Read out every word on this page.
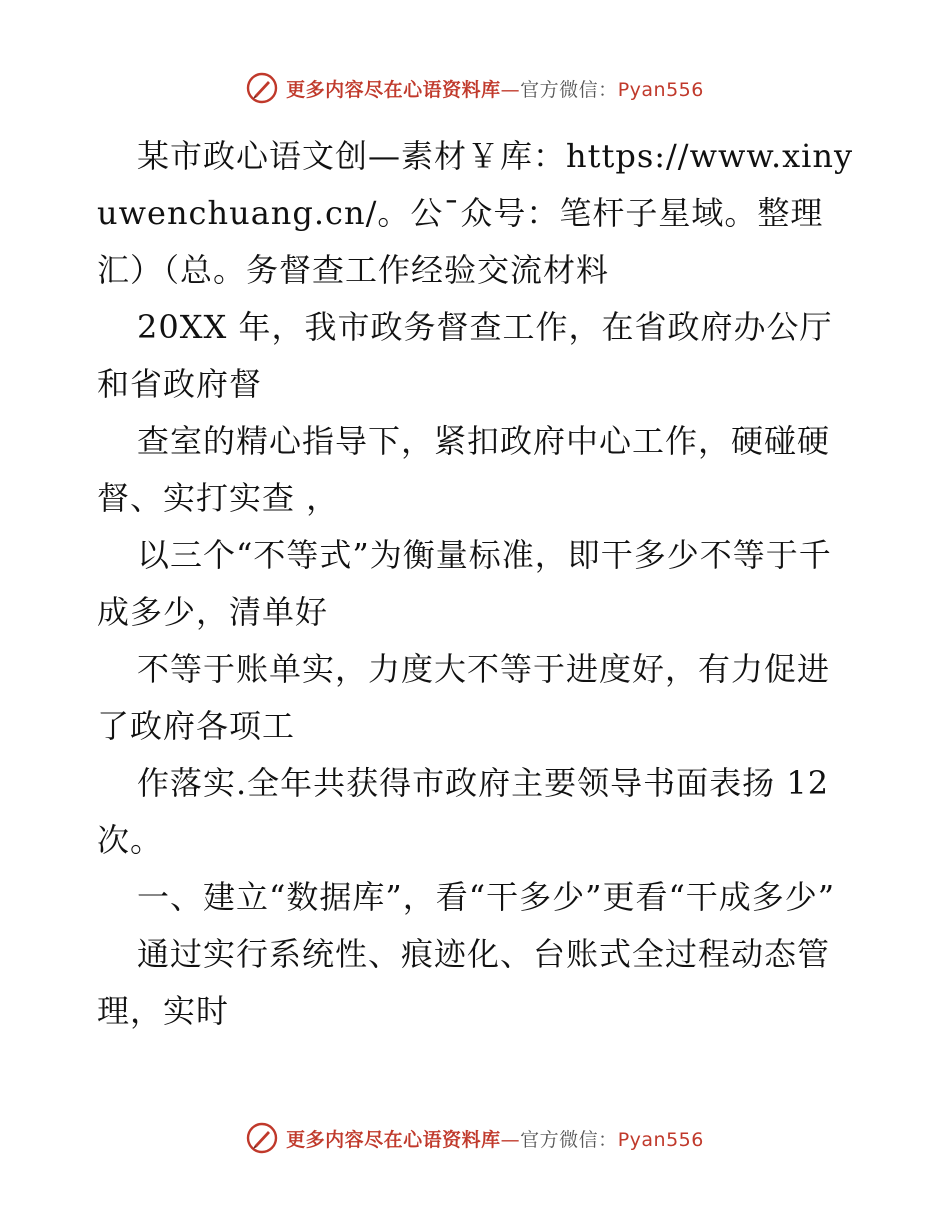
更多内容尽在心语资料库—官方微信：Pyan556

某市政心语文创—素材￥库：https://www.xinyuwenchuang.cn/。公¯众号：笔杆子星域。整理汇）（总。务督查工作经验交流材料

20XX 年，我市政务督查工作，在省政府办公厅和省政府督

查室的精心指导下，紧扣政府中心工作，硬碰硬督、实打实查 ，

以三个“不等式”为衡量标准，即干多少不等于千成多少，清单好

不等于账单实，力度大不等于进度好，有力促进了政府各项工

作落实.全年共获得市政府主要领导书面表扬 12 次。

一、建立“数据库”，看“干多少”更看“干成多少”

通过实行系统性、痕迹化、台账式全过程动态管理，实时

更多内容尽在心语资料库—官方微信：Pyan556
